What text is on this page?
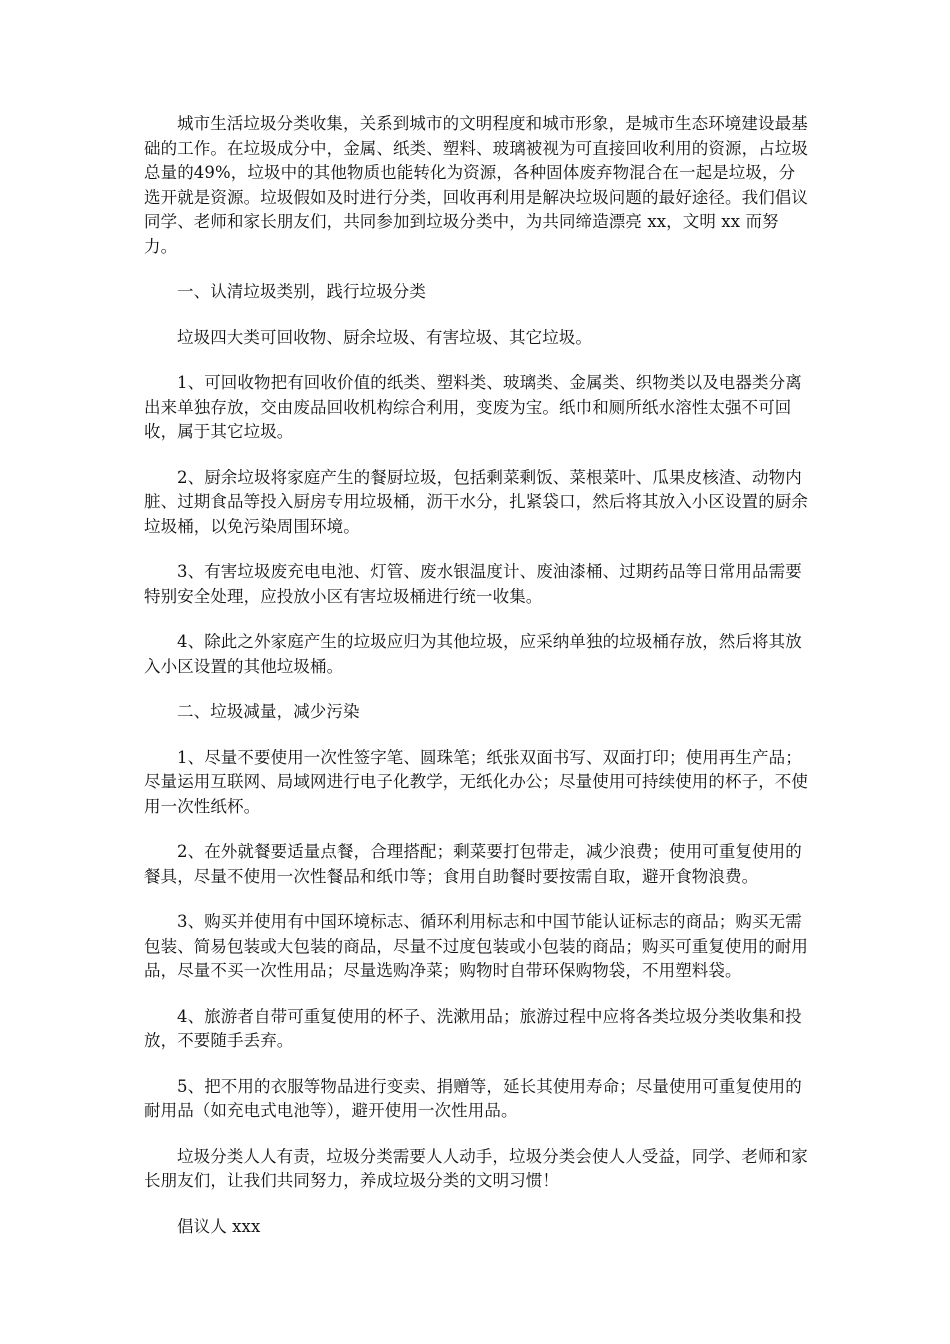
城市生活垃圾分类收集，关系到城市的文明程度和城市形象，是城市生态环境建设最基础的工作。在垃圾成分中，金属、纸类、塑料、玻璃被视为可直接回收利用的资源，占垃圾总量的49%，垃圾中的其他物质也能转化为资源，各种固体废弃物混合在一起是垃圾，分选开就是资源。垃圾假如及时进行分类，回收再利用是解决垃圾问题的最好途径。我们倡议同学、老师和家长朋友们，共同参加到垃圾分类中，为共同缔造漂亮 xx，文明 xx 而努力。

一、认清垃圾类别，践行垃圾分类

垃圾四大类可回收物、厨余垃圾、有害垃圾、其它垃圾。

1、可回收物把有回收价值的纸类、塑料类、玻璃类、金属类、织物类以及电器类分离出来单独存放，交由废品回收机构综合利用，变废为宝。纸巾和厕所纸水溶性太强不可回收，属于其它垃圾。

2、厨余垃圾将家庭产生的餐厨垃圾，包括剩菜剩饭、菜根菜叶、瓜果皮核渣、动物内脏、过期食品等投入厨房专用垃圾桶，沥干水分，扎紧袋口，然后将其放入小区设置的厨余垃圾桶，以免污染周围环境。

3、有害垃圾废充电电池、灯管、废水银温度计、废油漆桶、过期药品等日常用品需要特别安全处理，应投放小区有害垃圾桶进行统一收集。

4、除此之外家庭产生的垃圾应归为其他垃圾，应采纳单独的垃圾桶存放，然后将其放入小区设置的其他垃圾桶。

二、垃圾减量，减少污染

1、尽量不要使用一次性签字笔、圆珠笔；纸张双面书写、双面打印；使用再生产品；尽量运用互联网、局域网进行电子化教学，无纸化办公；尽量使用可持续使用的杯子，不使用一次性纸杯。

2、在外就餐要适量点餐，合理搭配；剩菜要打包带走，减少浪费；使用可重复使用的餐具，尽量不使用一次性餐品和纸巾等；食用自助餐时要按需自取，避开食物浪费。

3、购买并使用有中国环境标志、循环利用标志和中国节能认证标志的商品；购买无需包装、简易包装或大包装的商品，尽量不过度包装或小包装的商品；购买可重复使用的耐用品，尽量不买一次性用品；尽量选购净菜；购物时自带环保购物袋，不用塑料袋。

4、旅游者自带可重复使用的杯子、洗漱用品；旅游过程中应将各类垃圾分类收集和投放，不要随手丢弃。

5、把不用的衣服等物品进行变卖、捐赠等，延长其使用寿命；尽量使用可重复使用的耐用品（如充电式电池等），避开使用一次性用品。

垃圾分类人人有责，垃圾分类需要人人动手，垃圾分类会使人人受益，同学、老师和家长朋友们，让我们共同努力，养成垃圾分类的文明习惯！

倡议人 xxx
